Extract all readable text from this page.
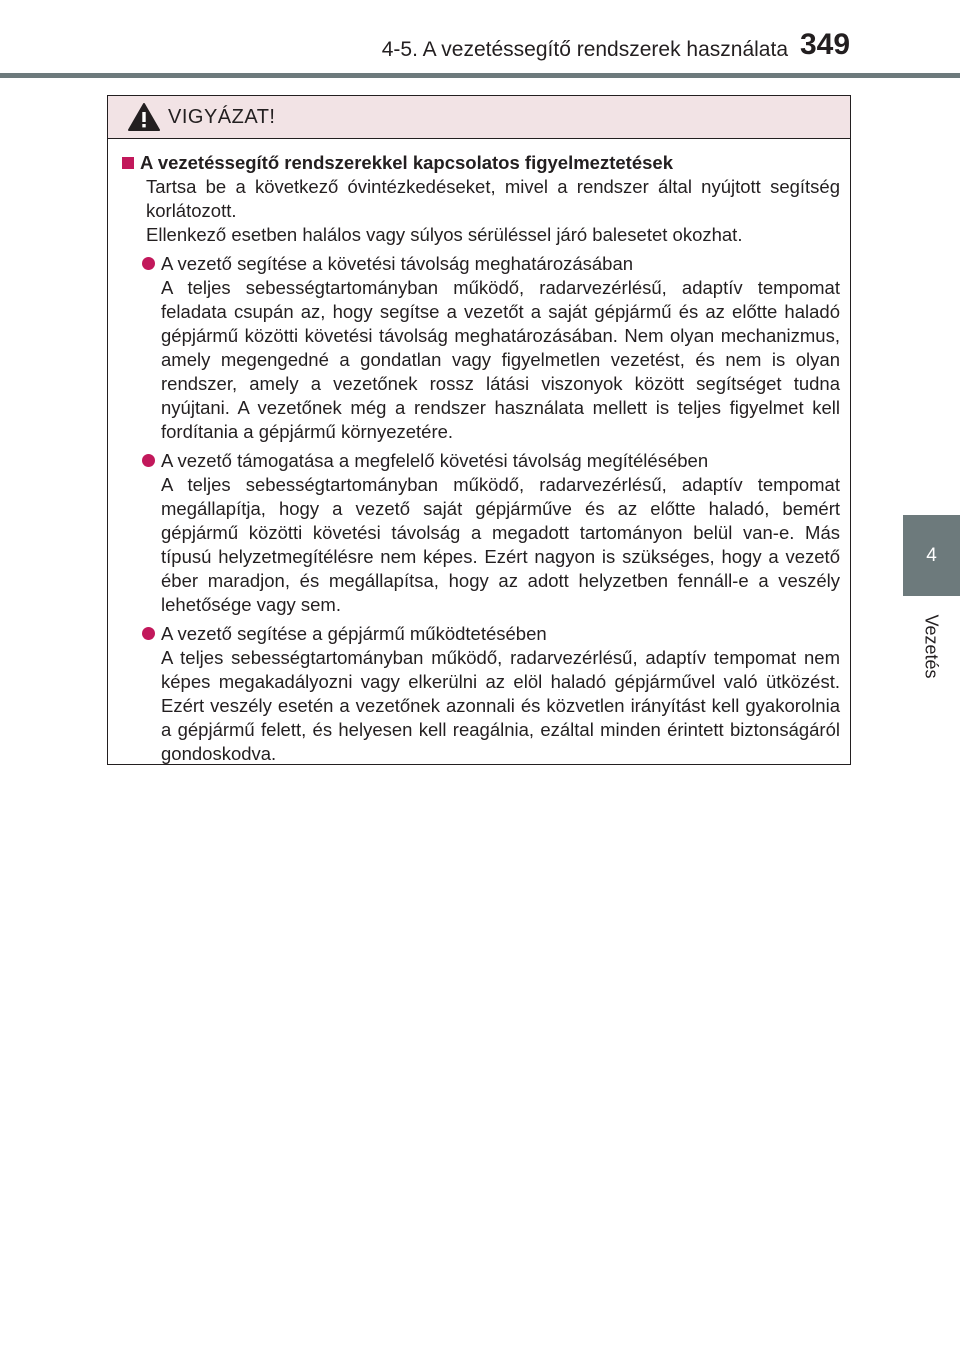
4-5. A vezetéssegítő rendszerek használata 349
4
Vezetés
VIGYÁZAT!
A vezetéssegítő rendszerekkel kapcsolatos figyelmeztetések
Tartsa be a következő óvintézkedéseket, mivel a rendszer által nyújtott segítség korlátozott.
Ellenkező esetben halálos vagy súlyos sérüléssel járó balesetet okozhat.
A vezető segítése a követési távolság meghatározásában
A teljes sebességtartományban működő, radarvezérlésű, adaptív tempomat feladata csupán az, hogy segítse a vezetőt a saját gépjármű és az előtte haladó gépjármű közötti követési távolság meghatározásában. Nem olyan mechanizmus, amely megengedné a gondatlan vagy figyelmetlen vezetést, és nem is olyan rendszer, amely a vezetőnek rossz látási viszonyok között segítséget tudna nyújtani. A vezetőnek még a rendszer használata mellett is teljes figyelmet kell fordítania a gépjármű környezetére.
A vezető támogatása a megfelelő követési távolság megítélésében
A teljes sebességtartományban működő, radarvezérlésű, adaptív tempomat megállapítja, hogy a vezető saját gépjárműve és az előtte haladó, bemért gépjármű közötti követési távolság a megadott tartományon belül van-e. Más típusú helyzetmegítélésre nem képes. Ezért nagyon is szükséges, hogy a vezető éber maradjon, és megállapítsa, hogy az adott helyzetben fennáll-e a veszély lehetősége vagy sem.
A vezető segítése a gépjármű működtetésében
A teljes sebességtartományban működő, radarvezérlésű, adaptív tempomat nem képes megakadályozni vagy elkerülni az elöl haladó gépjárművel való ütközést. Ezért veszély esetén a vezetőnek azonnali és közvetlen irányítást kell gyakorolnia a gépjármű felett, és helyesen kell reagálnia, ezáltal minden érintett biztonságáról gondoskodva.
